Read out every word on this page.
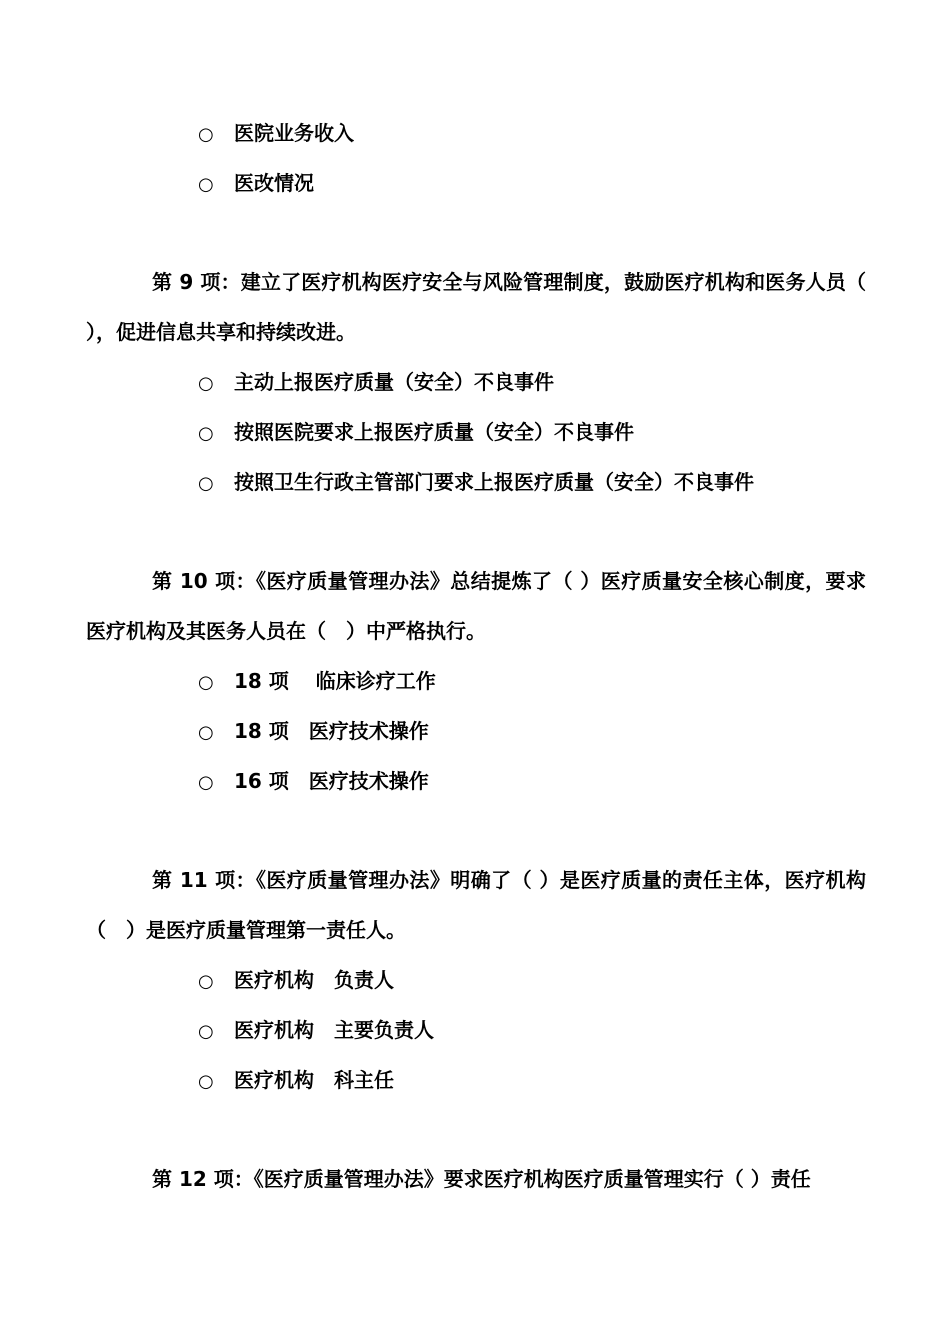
○ 医院业务收入
○ 医改情况
第 9 项：建立了医疗机构医疗安全与风险管理制度，鼓励医疗机构和医务人员（ ），促进信息共享和持续改进。
○ 主动上报医疗质量（安全）不良事件
○ 按照医院要求上报医疗质量（安全）不良事件
○ 按照卫生行政主管部门要求上报医疗质量（安全）不良事件
第 10 项：《医疗质量管理办法》总结提炼了（ ）医疗质量安全核心制度，要求医疗机构及其医务人员在（　）中严格执行。
○ 18 项　 临床诊疗工作
○ 18 项　医疗技术操作
○ 16 项　医疗技术操作
第 11 项：《医疗质量管理办法》明确了（ ）是医疗质量的责任主体，医疗机构（　）是医疗质量管理第一责任人。
○ 医疗机构　负责人
○ 医疗机构　主要负责人
○ 医疗机构　科主任
第 12 项：《医疗质量管理办法》要求医疗机构医疗质量管理实行（ ）责任
